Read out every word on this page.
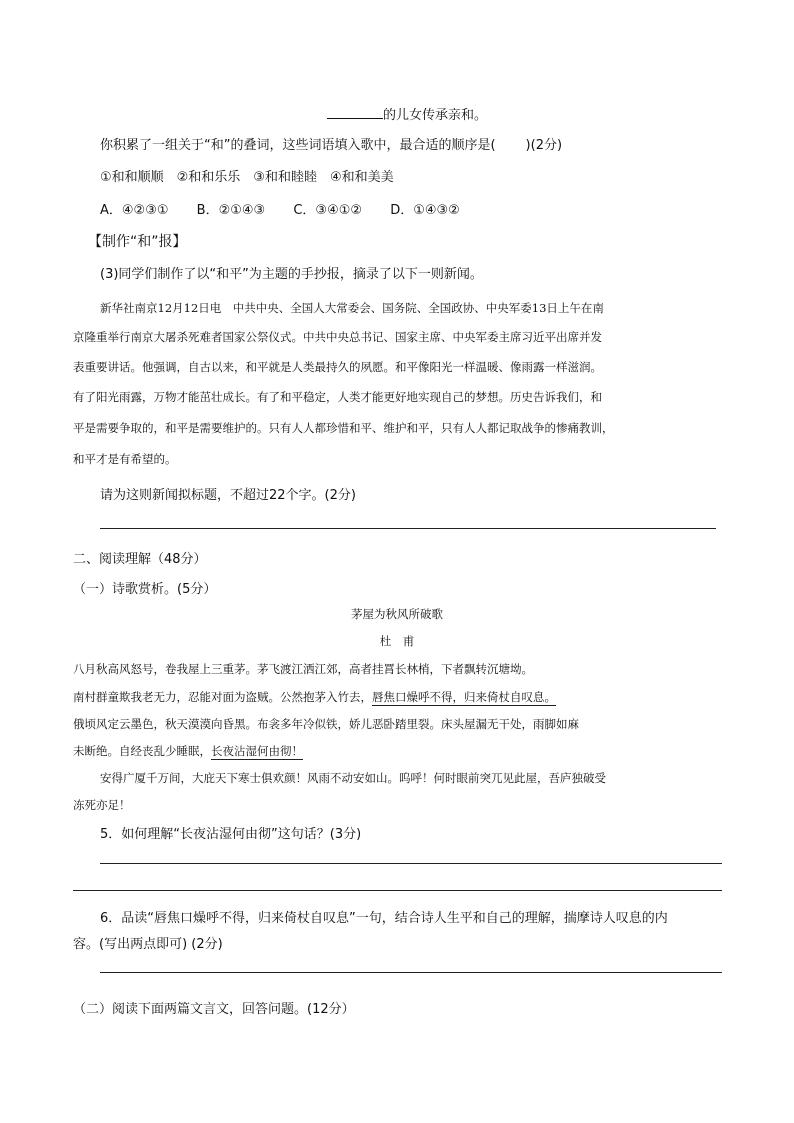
的儿女传承亲和。
你积累了一组关于“和”的叠词，这些词语填入歌中，最合适的顺序是( )(2分)
①和和顺顺　②和和乐乐　③和和睦睦　④和和美美
A．④②③① B．②①④③ C．③④①② D．①④③②
【制作“和”报】
(3)同学们制作了以“和平”为主题的手抄报，摘录了以下一则新闻。
新华社南京12月12日电　中共中央、全国人大常委会、国务院、全国政协、中央军委13日上午在南
京隆重举行南京大屠杀死难者国家公祭仪式。中共中央总书记、国家主席、中央军委主席习近平出席并发
表重要讲话。他强调，自古以来，和平就是人类最持久的夙愿。和平像阳光一样温暖、像雨露一样滋润。
有了阳光雨露，万物才能茁壮成长。有了和平稳定，人类才能更好地实现自己的梦想。历史告诉我们，和
平是需要争取的，和平是需要维护的。只有人人都珍惜和平、维护和平，只有人人都记取战争的惨痛教训，
和平才是有希望的。
请为这则新闻拟标题，不超过22个字。(2分)
二、阅读理解（48分）
（一）诗歌赏析。(5分）
茅屋为秋风所破歌
杜　甫
八月秋高风怒号，卷我屋上三重茅。茅飞渡江洒江郊，高者挂罥长林梢，下者飘转沉塘坳。
南村群童欺我老无力，忍能对面为盗贼。公然抱茅入竹去，唇焦口燥呼不得，归来倚杖自叹息。
俄顷风定云墨色，秋天漠漠向昏黑。布衾多年冷似铁，娇儿恶卧踏里裂。床头屋漏无干处，雨脚如麻
未断绝。自经丧乱少睡眠，长夜沾湿何由彻！
安得广厦千万间，大庇天下寒士俱欢颜！风雨不动安如山。呜呼！何时眼前突兀见此屋，吾庐独破受
冻死亦足！
5．如何理解“长夜沾湿何由彻”这句话？(3分)
6．品读“唇焦口燥呼不得，归来倚杖自叹息”一句，结合诗人生平和自己的理解，揣摩诗人叹息的内
容。(写出两点即可) (2分)
（二）阅读下面两篇文言文，回答问题。(12分）
